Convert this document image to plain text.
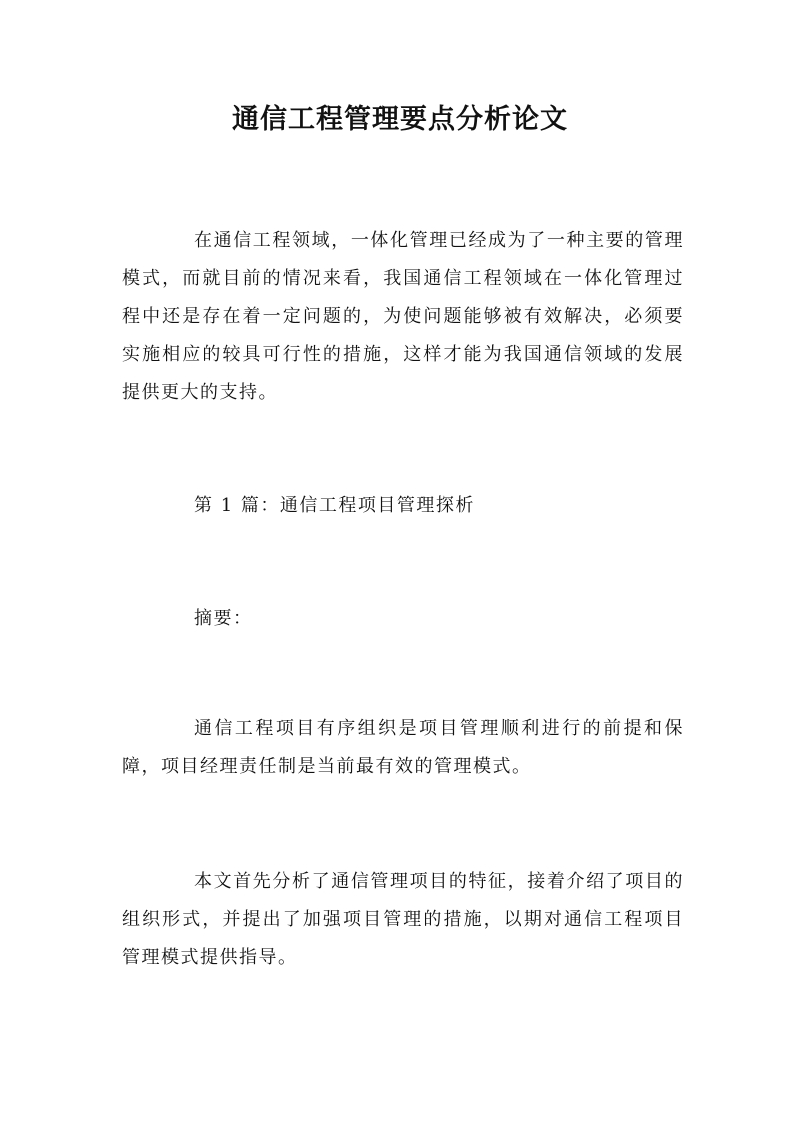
通信工程管理要点分析论文

在通信工程领域，一体化管理已经成为了一种主要的管理模式，而就目前的情况来看，我国通信工程领域在一体化管理过程中还是存在着一定问题的，为使问题能够被有效解决，必须要实施相应的较具可行性的措施，这样才能为我国通信领域的发展提供更大的支持。

第 1 篇：通信工程项目管理探析

摘要：

通信工程项目有序组织是项目管理顺利进行的前提和保障，项目经理责任制是当前最有效的管理模式。

本文首先分析了通信管理项目的特征，接着介绍了项目的组织形式，并提出了加强项目管理的措施，以期对通信工程项目管理模式提供指导。
